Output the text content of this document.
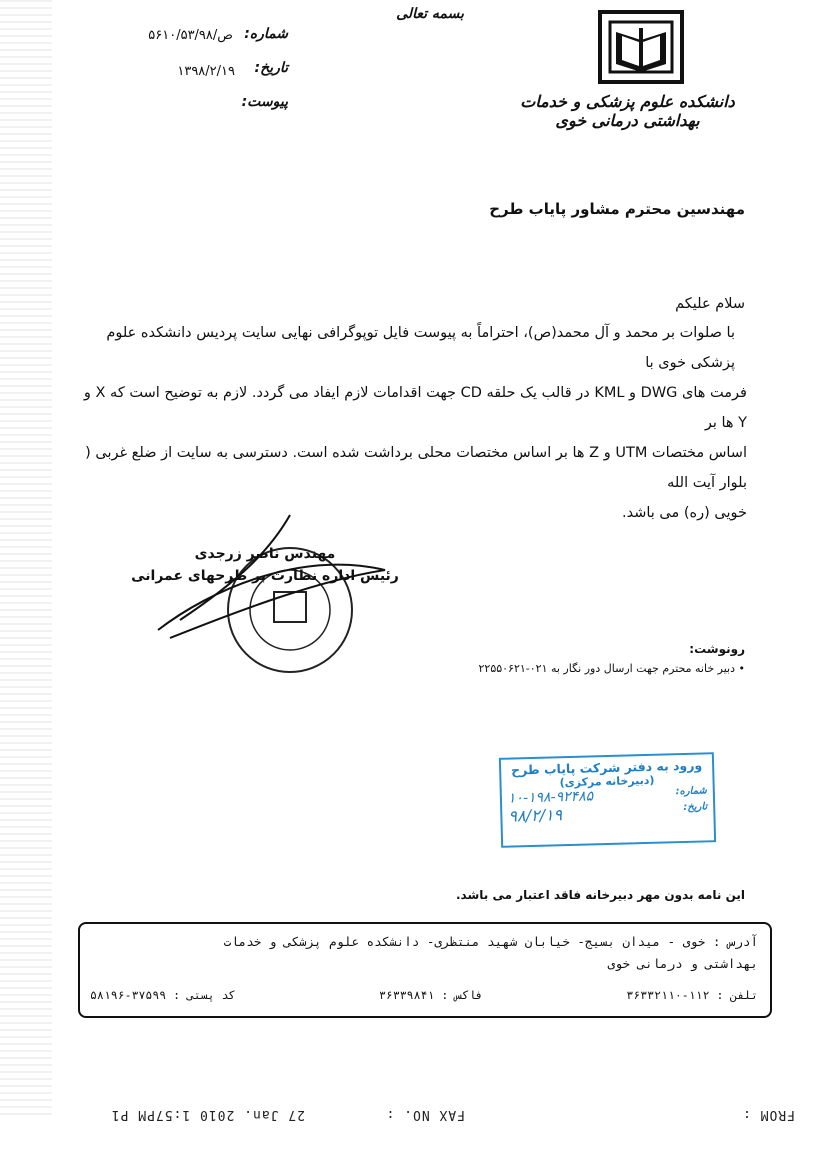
بسمه تعالی
شماره:
۵۶۱۰/۵۳/۹۸/ص
تاریخ:
۱۳۹۸/۲/۱۹
پیوست:	دانشکده علوم پزشکی و خدمات بهداشتی درمانی خوی
مهندسین محترم مشاور پایاب طرح
سلام علیکم
با صلوات بر محمد و آل محمد(ص)، احتراماً به پیوست فایل توپوگرافی نهایی سایت پردیس دانشکده علوم پزشکی خوی با
فرمت های DWG و KML در قالب یک حلقه CD جهت اقدامات لازم ایفاد می گردد. لازم به توضیح است که X و Y ها بر
اساس مختصات UTM و Z ها بر اساس مختصات محلی برداشت شده است. دسترسی به سایت از ضلع غربی ( بلوار آیت الله
خویی (ره) می باشد.
مهندس ناصر زرجدی
رئیس اداره نظارت بر طرحهای عمرانی
رونوشت:
• دبیر خانه محترم جهت ارسال دور نگار به ۰۲۱-۲۲۵۵۰۶۲۱
ورود به دفتر شرکت پایاب طرح
(دبیرخانه مرکزی)
شماره:
۱۰-۱۹۸-۹۲۴۸۵
تاریخ:
۹۸/۲/۱۹
این نامه بدون مهر دبیرخانه فاقد اعتبار می باشد.
آدرس : خوی - میدان بسیج- خیابان شهید منتظری- دانشکده علوم پزشکی و خدمات
بهداشتی و درمانی خوی
تلفن : ۱۱۲-۳۶۳۳۲۱۱۰
فاکس : ۳۶۳۳۹۸۴۱
کد پستی : ۳۷۵۹۹-۵۸۱۹۶
FROM :
FAX NO. :
27 Jan. 2010 1:57PM P1
